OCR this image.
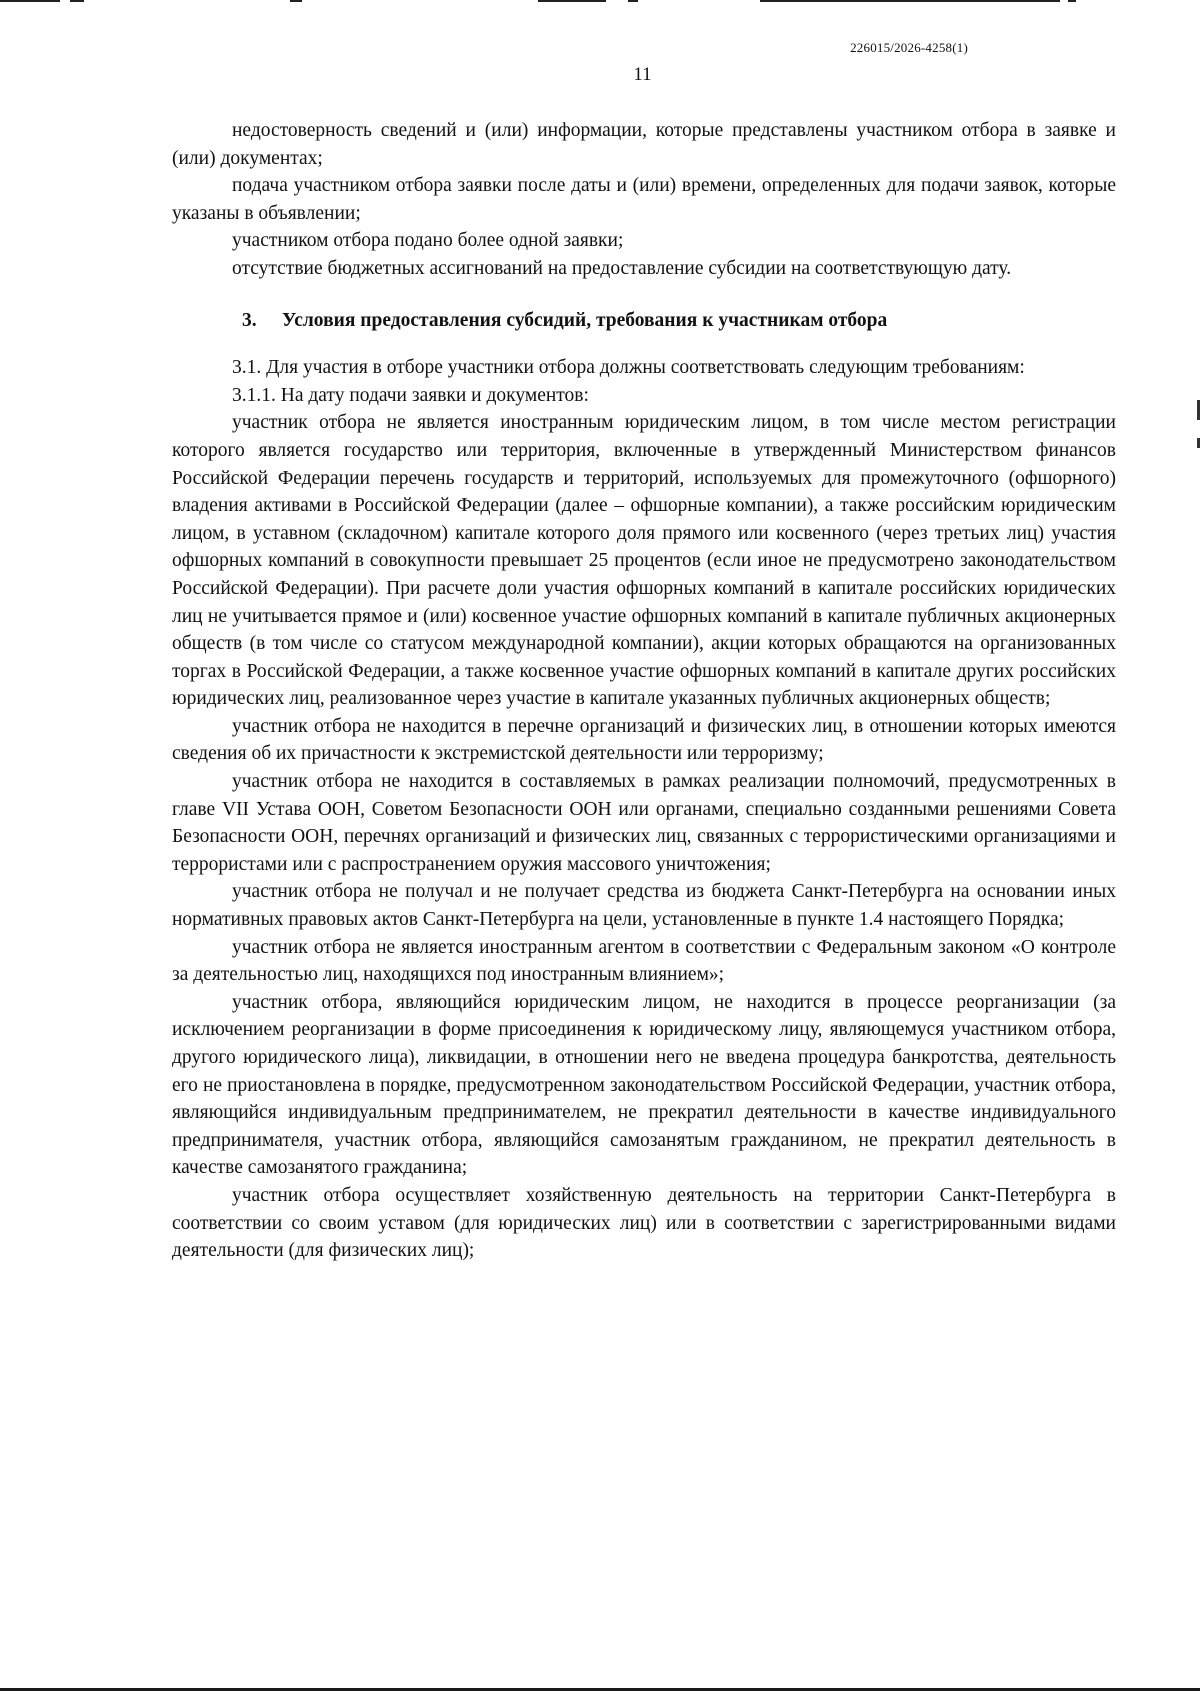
226015/2026-4258(1)
11

недостоверность сведений и (или) информации, которые представлены участником отбора в заявке и (или) документах;

подача участником отбора заявки после даты и (или) времени, определенных для подачи заявок, которые указаны в объявлении;

участником отбора подано более одной заявки;

отсутствие бюджетных ассигнований на предоставление субсидии на соответствующую дату.

3. Условия предоставления субсидий, требования к участникам отбора

3.1. Для участия в отборе участники отбора должны соответствовать следующим требованиям:

3.1.1. На дату подачи заявки и документов:

участник отбора не является иностранным юридическим лицом, в том числе местом регистрации которого является государство или территория, включенные в утвержденный Министерством финансов Российской Федерации перечень государств и территорий, используемых для промежуточного (офшорного) владения активами в Российской Федерации (далее – офшорные компании), а также российским юридическим лицом, в уставном (складочном) капитале которого доля прямого или косвенного (через третьих лиц) участия офшорных компаний в совокупности превышает 25 процентов (если иное не предусмотрено законодательством Российской Федерации). При расчете доли участия офшорных компаний в капитале российских юридических лиц не учитывается прямое и (или) косвенное участие офшорных компаний в капитале публичных акционерных обществ (в том числе со статусом международной компании), акции которых обращаются на организованных торгах в Российской Федерации, а также косвенное участие офшорных компаний в капитале других российских юридических лиц, реализованное через участие в капитале указанных публичных акционерных обществ;

участник отбора не находится в перечне организаций и физических лиц, в отношении которых имеются сведения об их причастности к экстремистской деятельности или терроризму;

участник отбора не находится в составляемых в рамках реализации полномочий, предусмотренных в главе VII Устава ООН, Советом Безопасности ООН или органами, специально созданными решениями Совета Безопасности ООН, перечнях организаций и физических лиц, связанных с террористическими организациями и террористами или с распространением оружия массового уничтожения;

участник отбора не получал и не получает средства из бюджета Санкт-Петербурга на основании иных нормативных правовых актов Санкт-Петербурга на цели, установленные в пункте 1.4 настоящего Порядка;

участник отбора не является иностранным агентом в соответствии с Федеральным законом «О контроле за деятельностью лиц, находящихся под иностранным влиянием»;

участник отбора, являющийся юридическим лицом, не находится в процессе реорганизации (за исключением реорганизации в форме присоединения к юридическому лицу, являющемуся участником отбора, другого юридического лица), ликвидации, в отношении него не введена процедура банкротства, деятельность его не приостановлена в порядке, предусмотренном законодательством Российской Федерации, участник отбора, являющийся индивидуальным предпринимателем, не прекратил деятельности в качестве индивидуального предпринимателя, участник отбора, являющийся самозанятым гражданином, не прекратил деятельность в качестве самозанятого гражданина;

участник отбора осуществляет хозяйственную деятельность на территории Санкт-Петербурга в соответствии со своим уставом (для юридических лиц) или в соответствии с зарегистрированными видами деятельности (для физических лиц);
